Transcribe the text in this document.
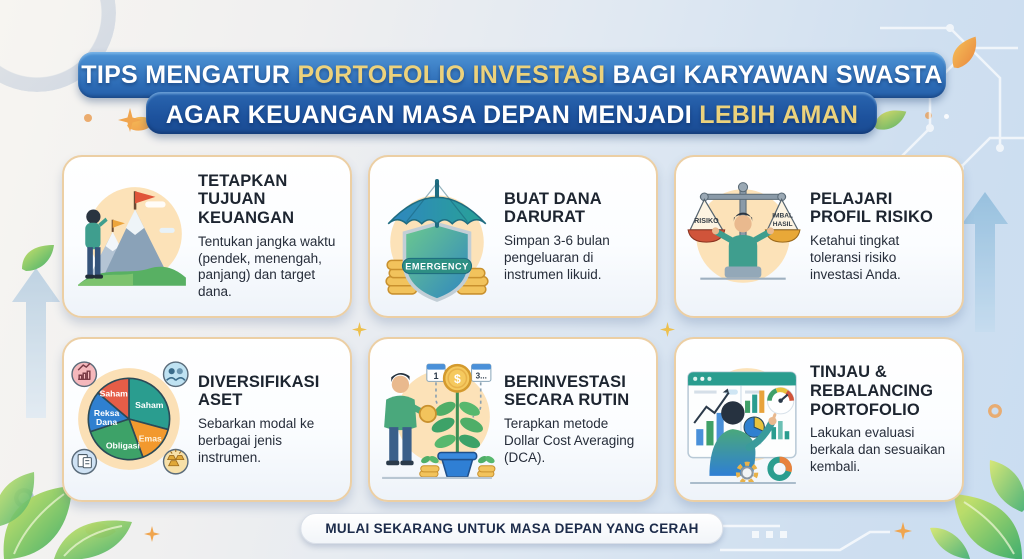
TIPS MENGATUR PORTOFOLIO INVESTASI BAGI KARYAWAN SWASTA
AGAR KEUANGAN MASA DEPAN MENJADI LEBIH AMAN
TETAPKAN TUJUAN KEUANGAN
Tentukan jangka waktu (pendek, menengah, panjang) dan target dana.
EMERGENCY
BUAT DANA DARURAT
Simpan 3-6 bulan pengeluaran di instrumen likuid.
RISIKO
IMBAL
HASIL
PELAJARI PROFIL RISIKO
Ketahui tingkat toleransi risiko investasi Anda.
Saham
Emas
Obligasi
Reksa
Dana
Saham
DIVERSIFIKASI ASET
Sebarkan modal ke berbagai jenis instrumen.
1	3...
$	BERINVESTASI SECARA RUTIN
Terapkan metode Dollar Cost Averaging (DCA).
TINJAU & REBALANCING PORTOFOLIO
Lakukan evaluasi berkala dan sesuaikan kembali.
MULAI SEKARANG UNTUK MASA DEPAN YANG CERAH
